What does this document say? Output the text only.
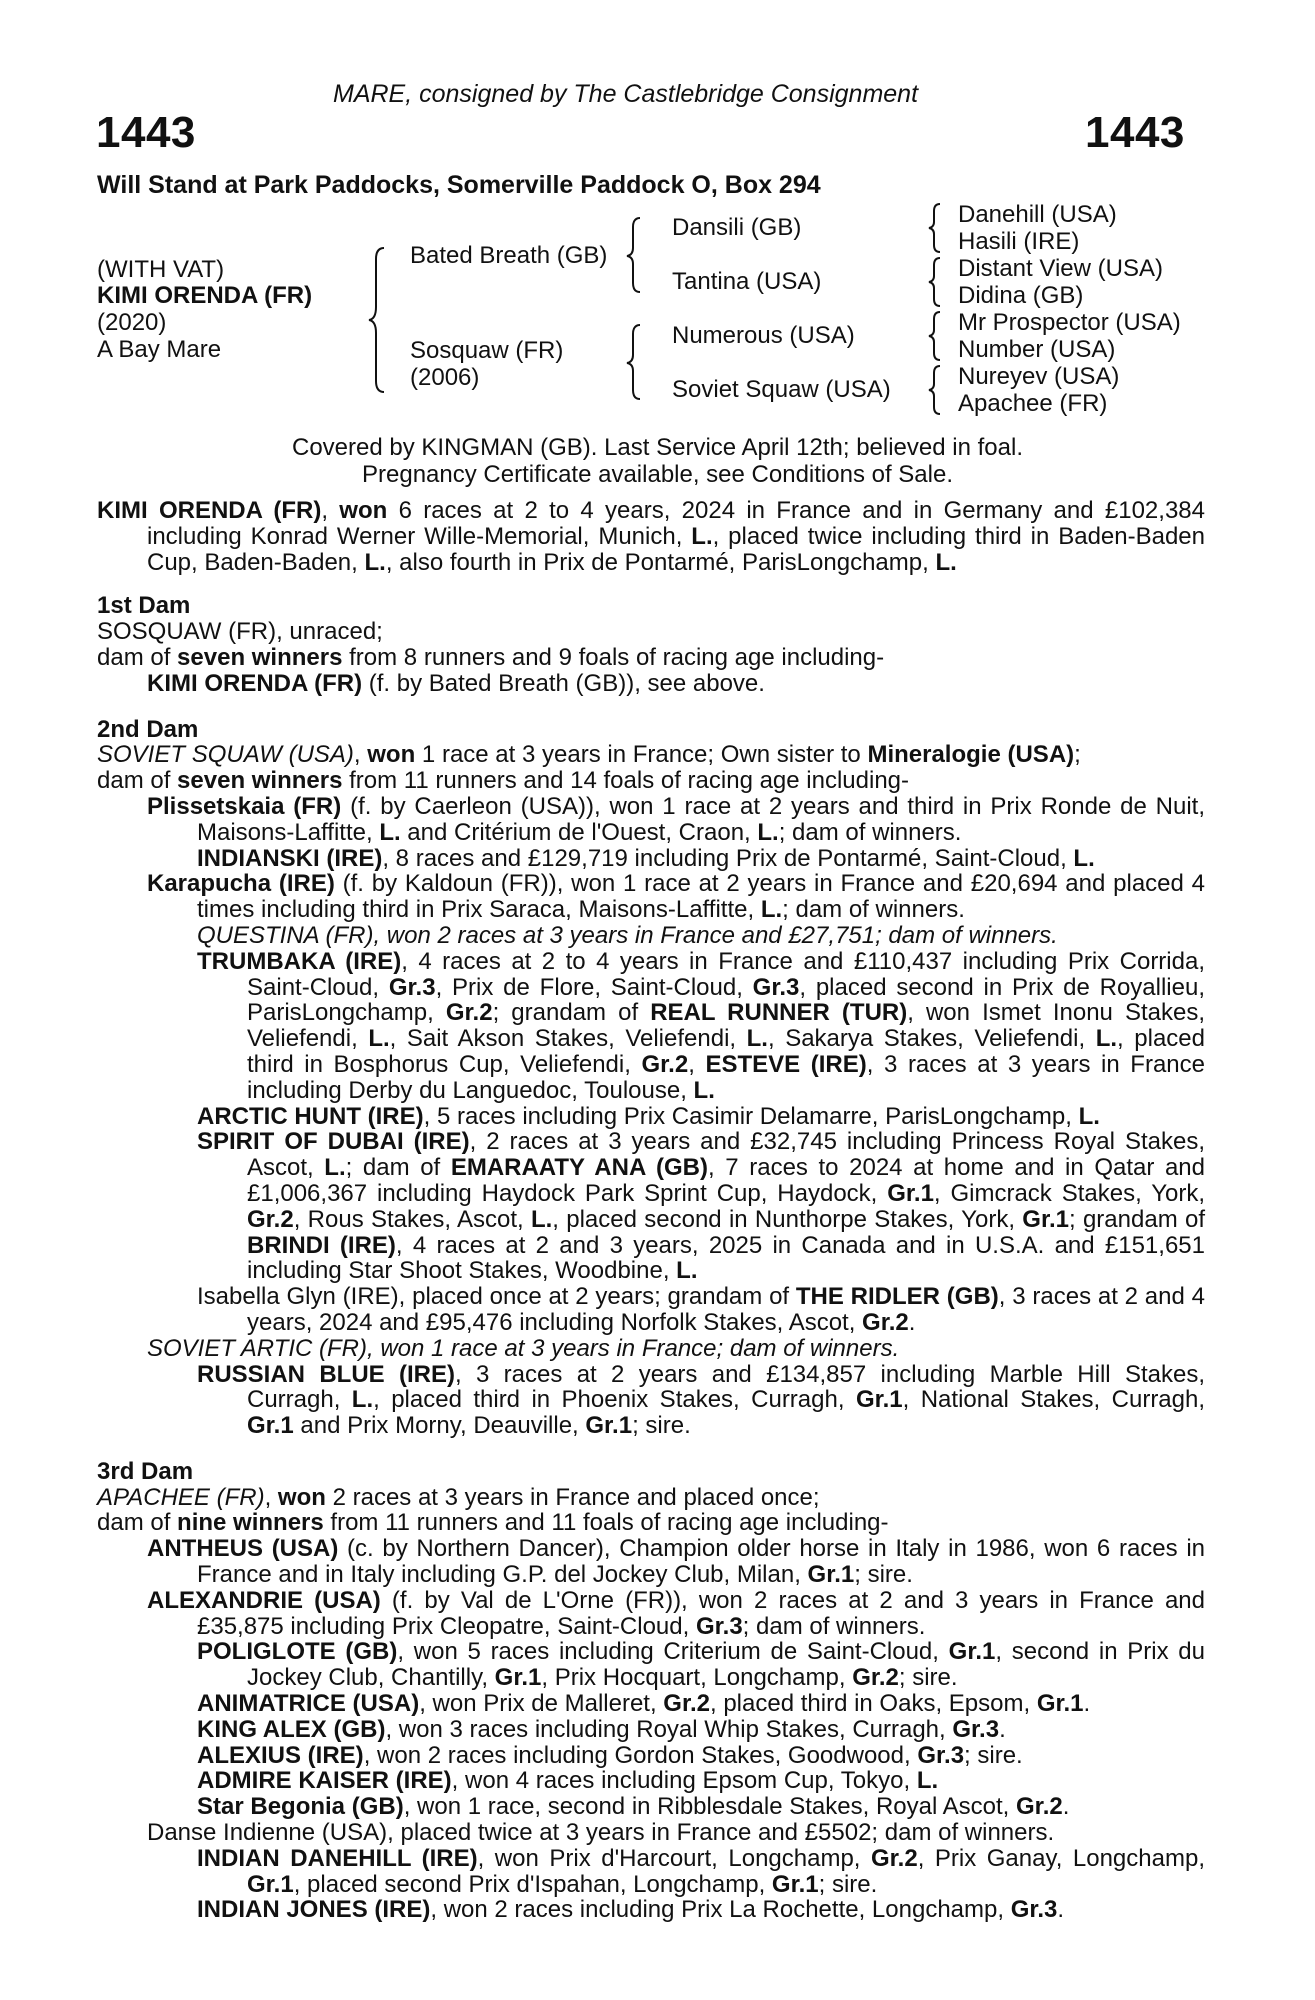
MARE, consigned by The Castlebridge Consignment
1443	1443
Will Stand at Park Paddocks, Somerville Paddock O, Box 294
(WITH VAT)
KIMI ORENDA (FR)
(2020)
A Bay Mare
Bated Breath (GB)
Sosquaw (FR)
(2006)
Dansili (GB)
Tantina (USA)
Numerous (USA)
Soviet Squaw (USA)
Danehill (USA)
Hasili (IRE)
Distant View (USA)
Didina (GB)
Mr Prospector (USA)
Number (USA)
Nureyev (USA)
Apachee (FR)
Covered by KINGMAN (GB). Last Service April 12th; believed in foal.
Pregnancy Certificate available, see Conditions of Sale.

KIMI ORENDA (FR), won 6 races at 2 to 4 years, 2024 in France and in Germany and £102,384 including Konrad Werner Wille-Memorial, Munich, L., placed twice including third in Baden-Baden Cup, Baden-Baden, L., also fourth in Prix de Pontarmé, ParisLongchamp, L.

1st Dam

SOSQUAW (FR), unraced;

dam of seven winners from 8 runners and 9 foals of racing age including-

KIMI ORENDA (FR) (f. by Bated Breath (GB)), see above.

2nd Dam

SOVIET SQUAW (USA), won 1 race at 3 years in France; Own sister to Mineralogie (USA);

dam of seven winners from 11 runners and 14 foals of racing age including-

Plissetskaia (FR) (f. by Caerleon (USA)), won 1 race at 2 years and third in Prix Ronde de Nuit, Maisons-Laffitte, L. and Critérium de l'Ouest, Craon, L.; dam of winners.

INDIANSKI (IRE), 8 races and £129,719 including Prix de Pontarmé, Saint-Cloud, L.

Karapucha (IRE) (f. by Kaldoun (FR)), won 1 race at 2 years in France and £20,694 and placed 4 times including third in Prix Saraca, Maisons-Laffitte, L.; dam of winners.

QUESTINA (FR), won 2 races at 3 years in France and £27,751; dam of winners.

TRUMBAKA (IRE), 4 races at 2 to 4 years in France and £110,437 including Prix Corrida, Saint-Cloud, Gr.3, Prix de Flore, Saint-Cloud, Gr.3, placed second in Prix de Royallieu, ParisLongchamp, Gr.2; grandam of REAL RUNNER (TUR), won Ismet Inonu Stakes, Veliefendi, L., Sait Akson Stakes, Veliefendi, L., Sakarya Stakes, Veliefendi, L., placed third in Bosphorus Cup, Veliefendi, Gr.2, ESTEVE (IRE), 3 races at 3 years in France including Derby du Languedoc, Toulouse, L.

ARCTIC HUNT (IRE), 5 races including Prix Casimir Delamarre, ParisLongchamp, L.

SPIRIT OF DUBAI (IRE), 2 races at 3 years and £32,745 including Princess Royal Stakes, Ascot, L.; dam of EMARAATY ANA (GB), 7 races to 2024 at home and in Qatar and £1,006,367 including Haydock Park Sprint Cup, Haydock, Gr.1, Gimcrack Stakes, York, Gr.2, Rous Stakes, Ascot, L., placed second in Nunthorpe Stakes, York, Gr.1; grandam of BRINDI (IRE), 4 races at 2 and 3 years, 2025 in Canada and in U.S.A. and £151,651 including Star Shoot Stakes, Woodbine, L.

Isabella Glyn (IRE), placed once at 2 years; grandam of THE RIDLER (GB), 3 races at 2 and 4 years, 2024 and £95,476 including Norfolk Stakes, Ascot, Gr.2.

SOVIET ARTIC (FR), won 1 race at 3 years in France; dam of winners.

RUSSIAN BLUE (IRE), 3 races at 2 years and £134,857 including Marble Hill Stakes, Curragh, L., placed third in Phoenix Stakes, Curragh, Gr.1, National Stakes, Curragh, Gr.1 and Prix Morny, Deauville, Gr.1; sire.

3rd Dam

APACHEE (FR), won 2 races at 3 years in France and placed once;

dam of nine winners from 11 runners and 11 foals of racing age including-

ANTHEUS (USA) (c. by Northern Dancer), Champion older horse in Italy in 1986, won 6 races in France and in Italy including G.P. del Jockey Club, Milan, Gr.1; sire.

ALEXANDRIE (USA) (f. by Val de L'Orne (FR)), won 2 races at 2 and 3 years in France and £35,875 including Prix Cleopatre, Saint-Cloud, Gr.3; dam of winners.

POLIGLOTE (GB), won 5 races including Criterium de Saint-Cloud, Gr.1, second in Prix du Jockey Club, Chantilly, Gr.1, Prix Hocquart, Longchamp, Gr.2; sire.

ANIMATRICE (USA), won Prix de Malleret, Gr.2, placed third in Oaks, Epsom, Gr.1.

KING ALEX (GB), won 3 races including Royal Whip Stakes, Curragh, Gr.3.

ALEXIUS (IRE), won 2 races including Gordon Stakes, Goodwood, Gr.3; sire.

ADMIRE KAISER (IRE), won 4 races including Epsom Cup, Tokyo, L.

Star Begonia (GB), won 1 race, second in Ribblesdale Stakes, Royal Ascot, Gr.2.

Danse Indienne (USA), placed twice at 3 years in France and £5502; dam of winners.

INDIAN DANEHILL (IRE), won Prix d'Harcourt, Longchamp, Gr.2, Prix Ganay, Longchamp, Gr.1, placed second Prix d'Ispahan, Longchamp, Gr.1; sire.

INDIAN JONES (IRE), won 2 races including Prix La Rochette, Longchamp, Gr.3.
